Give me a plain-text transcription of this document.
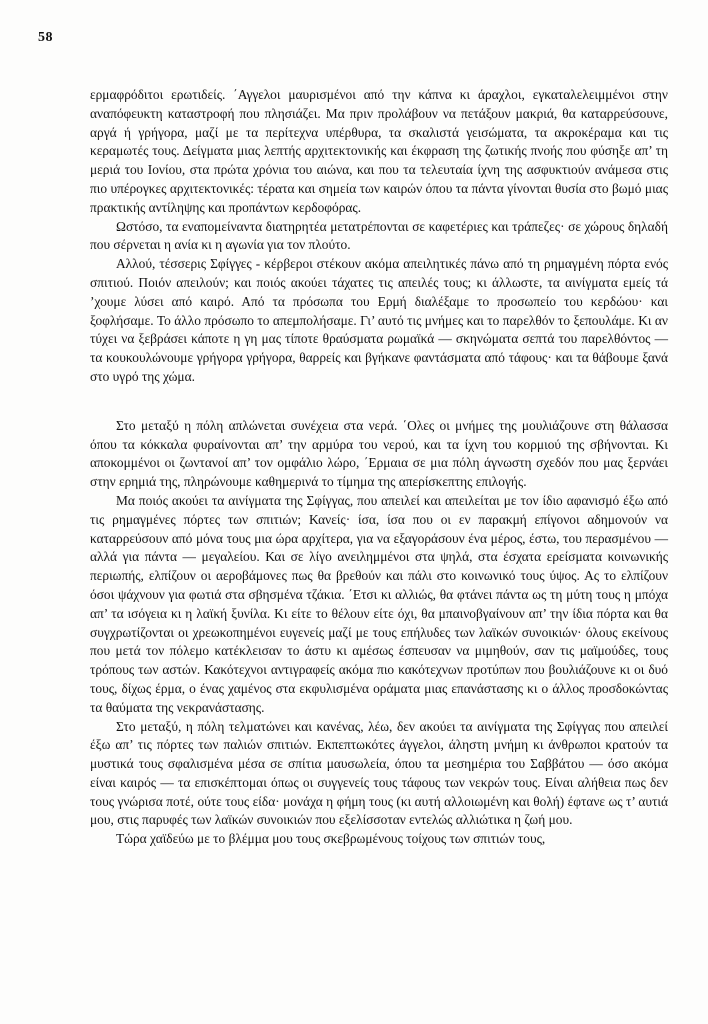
58

ερμαφρόδιτοι ερωτιδείς. ΄Αγγελοι μαυρισμένοι από την κάπνα κι άραχλοι, εγκαταλελειμμένοι στην αναπόφευκτη καταστροφή που πλησιάζει. Μα πριν προλάβουν να πετάξουν μακριά, θα καταρρεύσουνε, αργά ή γρήγορα, μαζί με τα περίτεχνα υπέρθυρα, τα σκαλιστά γεισώματα, τα ακροκέραμα και τις κεραμωτές τους. Δείγματα μιας λεπτής αρχιτεκτονικής και έκφραση της ζωτικής πνοής που φύσηξε απ’ τη μεριά του Ιονίου, στα πρώτα χρόνια του αιώνα, και που τα τελευταία ίχνη της ασφυκτιούν ανάμεσα στις πιο υπέρογκες αρχιτεκτονικές: τέρατα και σημεία των καιρών όπου τα πάντα γίνονται θυσία στο βωμό μιας πρακτικής αντίληψης και προπάντων κερδοφόρας.

Ωστόσο, τα εναπομείναντα διατηρητέα μετατρέπονται σε καφετέριες και τράπεζες· σε χώρους δηλαδή που σέρνεται η ανία κι η αγωνία για τον πλούτο.

Αλλού, τέσσερις Σφίγγες - κέρβεροι στέκουν ακόμα απειλητικές πάνω από τη ρημαγμένη πόρτα ενός σπιτιού. Ποιόν απειλούν; και ποιός ακούει τάχατες τις απειλές τους; κι άλλωστε, τα αινίγματα εμείς τά ’χουμε λύσει από καιρό. Από τα πρόσωπα του Ερμή διαλέξαμε το προσωπείο του κερδώου· και ξοφλήσαμε. Το άλλο πρόσωπο το απεμπολήσαμε. Γι’ αυτό τις μνήμες και το παρελθόν το ξεπουλάμε. Κι αν τύχει να ξεβράσει κάποτε η γη μας τίποτε θραύσματα ρωμαϊκά — σκηνώματα σεπτά του παρελθόντος — τα κουκουλώνουμε γρήγορα γρήγορα, θαρρείς και βγήκανε φαντάσματα από τάφους· και τα θάβουμε ξανά στο υγρό της χώμα.

Στο μεταξύ η πόλη απλώνεται συνέχεια στα νερά. ΄Ολες οι μνήμες της μουλιάζουνε στη θάλασσα όπου τα κόκκαλα φυραίνονται απ’ την αρμύρα του νερού, και τα ίχνη του κορμιού της σβήνονται. Κι αποκομμένοι οι ζωντανοί απ’ τον ομφάλιο λώρο, ΄Ερμαια σε μια πόλη άγνωστη σχεδόν που μας ξερνάει στην ερημιά της, πληρώνουμε καθημερινά το τίμημα της απερίσκεπτης επιλογής.

Μα ποιός ακούει τα αινίγματα της Σφίγγας, που απειλεί και απειλείται με τον ίδιο αφανισμό έξω από τις ρημαγμένες πόρτες των σπιτιών; Κανείς· ίσα, ίσα που οι εν παρακμή επίγονοι αδημονούν να καταρρεύσουν από μόνα τους μια ώρα αρχίτερα, για να εξαγοράσουν ένα μέρος, έστω, του περασμένου — αλλά για πάντα — μεγαλείου. Και σε λίγο ανειλημμένοι στα ψηλά, στα έσχατα ερείσματα κοινωνικής περιωπής, ελπίζουν οι αεροβάμονες πως θα βρεθούν και πάλι στο κοινωνικό τους ύψος. Ας το ελπίζουν όσοι ψάχνουν για φωτιά στα σβησμένα τζάκια. ΄Ετσι κι αλλιώς, θα φτάνει πάντα ως τη μύτη τους η μπόχα απ’ τα ισόγεια κι η λαϊκή ξυνίλα. Κι είτε το θέλουν είτε όχι, θα μπαινοβγαίνουν απ’ την ίδια πόρτα και θα συγχρωτίζονται οι χρεωκοπημένοι ευγενείς μαζί με τους επήλυδες των λαϊκών συνοικιών· όλους εκείνους που μετά τον πόλεμο κατέκλεισαν το άστυ κι αμέσως έσπευσαν να μιμηθούν, σαν τις μαϊμούδες, τους τρόπους των αστών. Κακότεχνοι αντιγραφείς ακόμα πιο κακότεχνων προτύπων που βουλιάζουνε κι οι δυό τους, δίχως έρμα, ο ένας χαμένος στα εκφυλισμένα οράματα μιας επανάστασης κι ο άλλος προσδοκώντας τα θαύματα της νεκρανάστασης.

Στο μεταξύ, η πόλη τελματώνει και κανένας, λέω, δεν ακούει τα αινίγματα της Σφίγγας που απειλεί έξω απ’ τις πόρτες των παλιών σπιτιών. Εκπεπτωκότες άγγελοι, άληστη μνήμη κι άνθρωποι κρατούν τα μυστικά τους σφαλισμένα μέσα σε σπίτια μαυσωλεία, όπου τα μεσημέρια του Σαββάτου — όσο ακόμα είναι καιρός — τα επισκέπτομαι όπως οι συγγενείς τους τάφους των νεκρών τους. Είναι αλήθεια πως δεν τους γνώρισα ποτέ, ούτε τους είδα· μονάχα η φήμη τους (κι αυτή αλλοιωμένη και θολή) έφτανε ως τ’ αυτιά μου, στις παρυφές των λαϊκών συνοικιών που εξελίσσοταν εντελώς αλλιώτικα η ζωή μου.

Τώρα χαϊδεύω με το βλέμμα μου τους σκεβρωμένους τοίχους των σπιτιών τους,
